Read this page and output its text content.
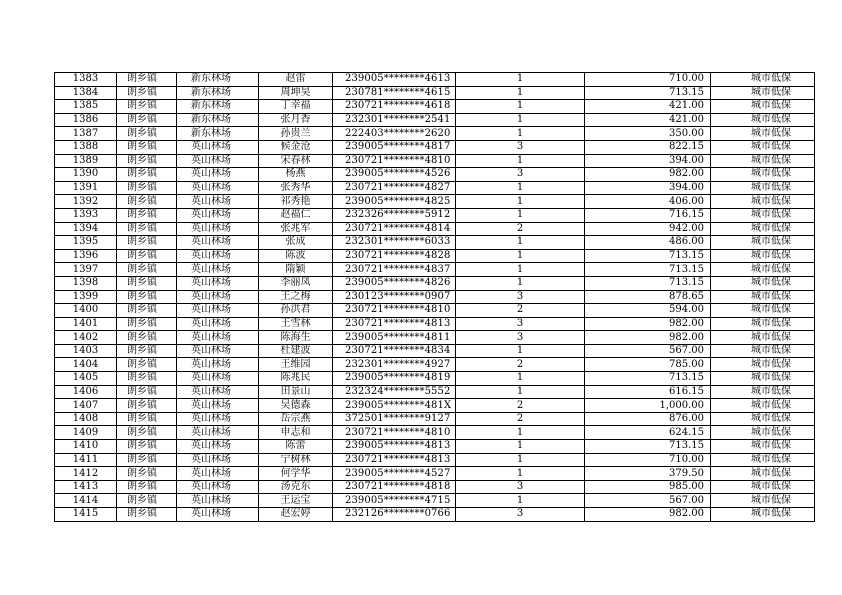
1383	朗乡镇	新东林场	赵雷	239005********4613	1	710.00	城市低保
1384	朗乡镇	新东林场	周坤昊	230781********4615	1	713.15	城市低保
1385	朗乡镇	新东林场	丁幸福	230721********4618	1	421.00	城市低保
1386	朗乡镇	新东林场	张月香	232301********2541	1	421.00	城市低保
1387	朗乡镇	新东林场	孙贵兰	222403********2620	1	350.00	城市低保
1388	朗乡镇	英山林场	候金沧	239005********4817	3	822.15	城市低保
1389	朗乡镇	英山林场	宋春林	230721********4810	1	394.00	城市低保
1390	朗乡镇	英山林场	杨燕	239005********4526	3	982.00	城市低保
1391	朗乡镇	英山林场	张秀华	230721********4827	1	394.00	城市低保
1392	朗乡镇	英山林场	祁秀艳	239005********4825	1	406.00	城市低保
1393	朗乡镇	英山林场	赵福仁	232326********5912	1	716.15	城市低保
1394	朗乡镇	英山林场	张兆军	230721********4814	2	942.00	城市低保
1395	朗乡镇	英山林场	张成	232301********6033	1	486.00	城市低保
1396	朗乡镇	英山林场	陈波	230721********4828	1	713.15	城市低保
1397	朗乡镇	英山林场	隋颖	230721********4837	1	713.15	城市低保
1398	朗乡镇	英山林场	李丽凤	239005********4826	1	713.15	城市低保
1399	朗乡镇	英山林场	王之梅	230123********0907	3	878.65	城市低保
1400	朗乡镇	英山林场	孙洪君	230721********4810	2	594.00	城市低保
1401	朗乡镇	英山林场	王雪林	230721********4813	3	982.00	城市低保
1402	朗乡镇	英山林场	陈海生	239005********4811	3	982.00	城市低保
1403	朗乡镇	英山林场	杜建波	230721********4834	1	567.00	城市低保
1404	朗乡镇	英山林场	王维园	232301********4927	2	785.00	城市低保
1405	朗乡镇	英山林场	陈兆民	239005********4819	1	713.15	城市低保
1406	朗乡镇	英山林场	田景山	232324********5552	1	616.15	城市低保
1407	朗乡镇	英山林场	吴德森	239005********481X	2	1,000.00	城市低保
1408	朗乡镇	英山林场	岳宗燕	372501********9127	2	876.00	城市低保
1409	朗乡镇	英山林场	申志和	230721********4810	1	624.15	城市低保
1410	朗乡镇	英山林场	陈蕾	239005********4813	1	713.15	城市低保
1411	朗乡镇	英山林场	宁树林	230721********4813	1	710.00	城市低保
1412	朗乡镇	英山林场	何学华	239005********4527	1	379.50	城市低保
1413	朗乡镇	英山林场	汤克东	230721********4818	3	985.00	城市低保
1414	朗乡镇	英山林场	王运宝	239005********4715	1	567.00	城市低保
1415	朗乡镇	英山林场	赵宏婷	232126********0766	3	982.00	城市低保
